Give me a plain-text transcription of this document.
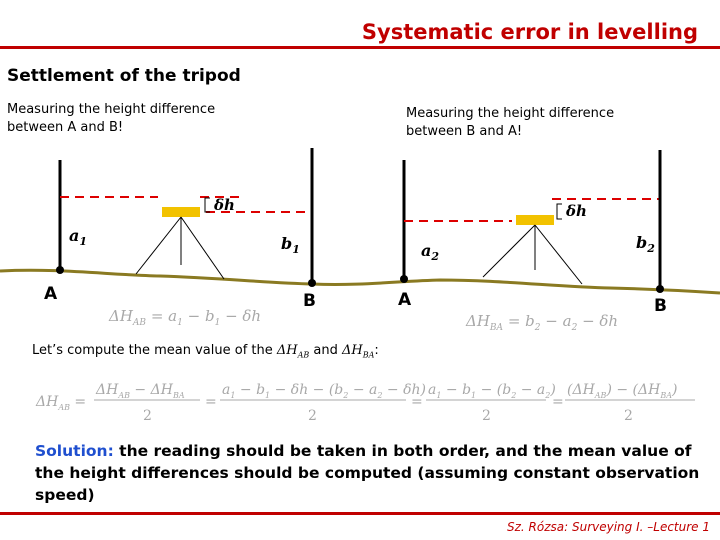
Systematic error in levelling
Settlement of the tripod
Measuring the height difference
between A and B!
Measuring the height difference
between B and A!
δh
$a_1$	$b_1$
A	B
$\Delta H_{AB} = a_1 - b_1 - \delta h$
δh
$a_2$
$b_2$
A	B
$\Delta H_{BA} = b_2 - a_2 - \delta h$
$\Delta H_{AB}$ =
$\Delta H_{AB} - \Delta H_{BA}$
2
=
$a_1 - b_1 - \delta h - (b_2 - a_2 - \delta h)$
2
=
$a_1 - b_1 - (b_2 - a_2)$
2
=
$(\Delta H_{AB}) - (\Delta H_{BA})$
2
Let’s compute the mean value of the $\Delta H_{AB}$ and $\Delta H_{BA}$:
Solution: the reading should be taken in both order, and the mean value of the height differences should be computed (assuming constant observation speed)
Sz. Rózsa: Surveying I. –Lecture 1
